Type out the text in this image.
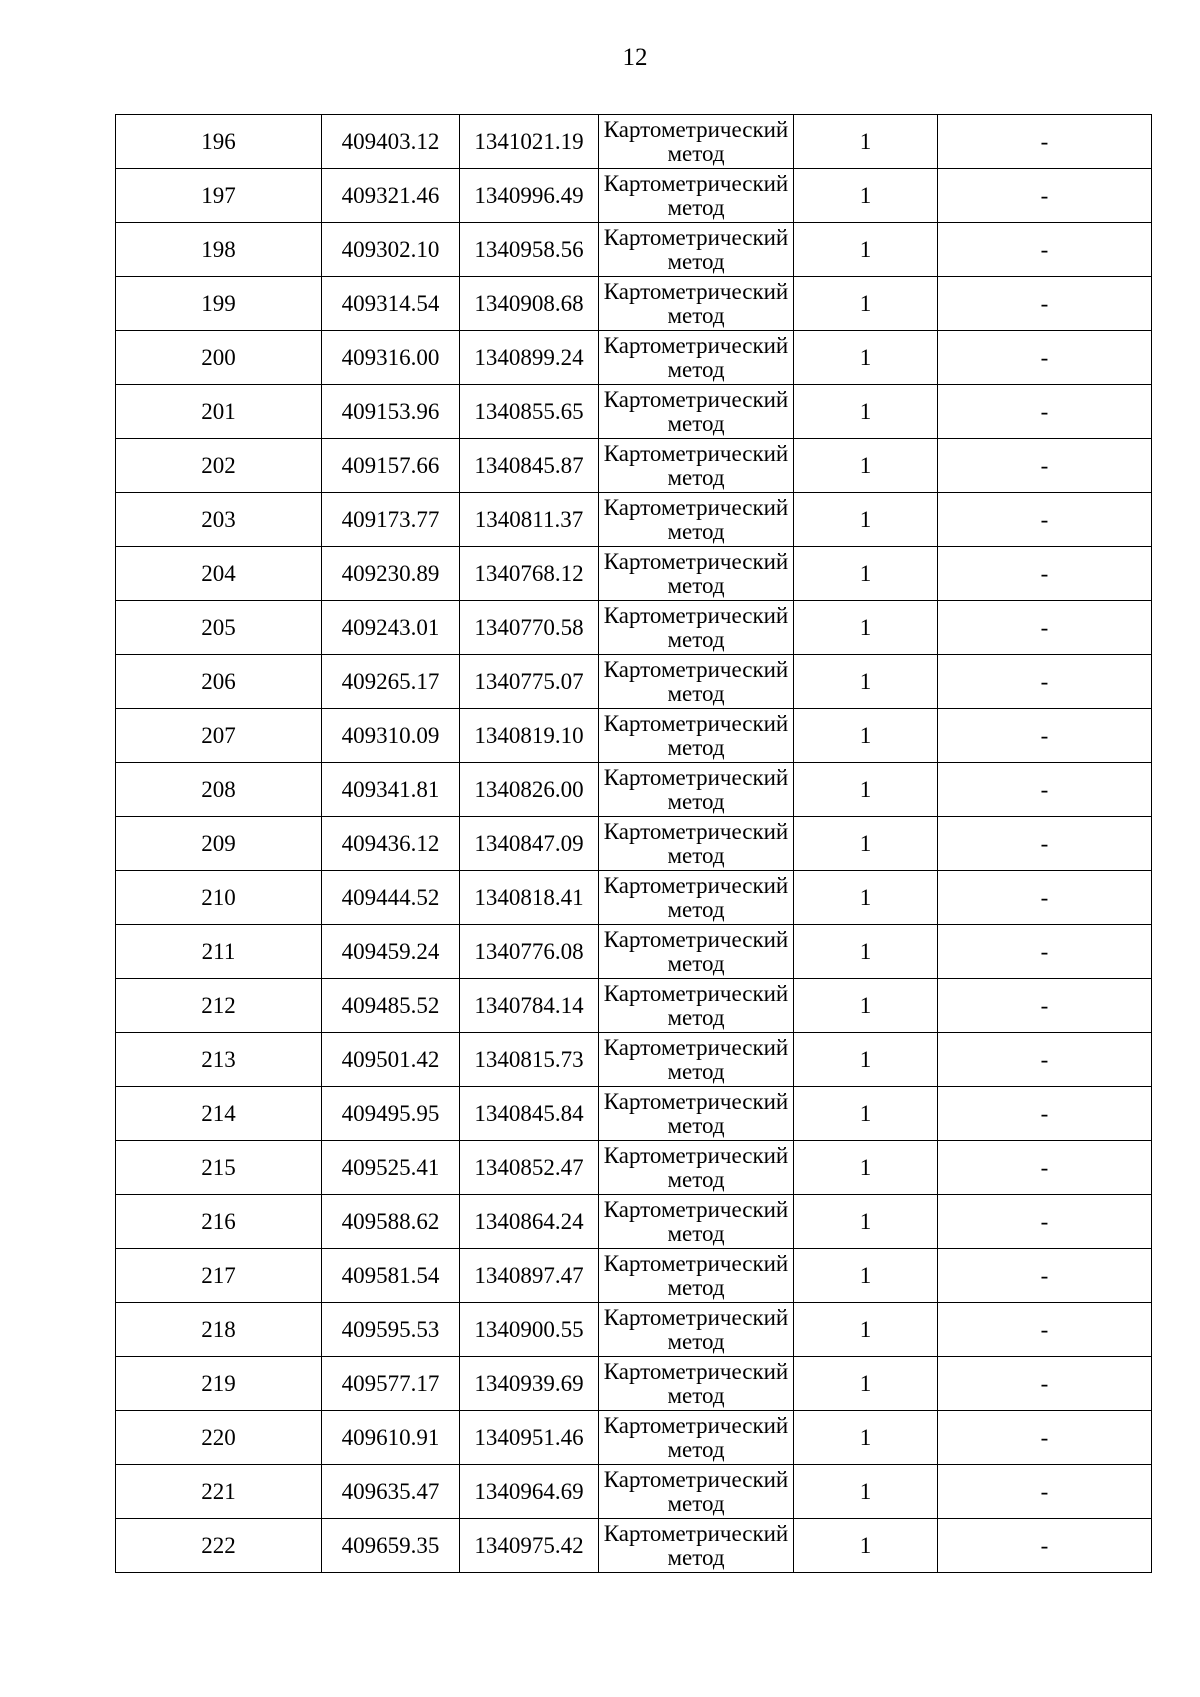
12
196	409403.12	1341021.19	Картометрический
метод	1	-
197	409321.46	1340996.49	Картометрический
метод	1	-
198	409302.10	1340958.56	Картометрический
метод	1	-
199	409314.54	1340908.68	Картометрический
метод	1	-
200	409316.00	1340899.24	Картометрический
метод	1	-
201	409153.96	1340855.65	Картометрический
метод	1	-
202	409157.66	1340845.87	Картометрический
метод	1	-
203	409173.77	1340811.37	Картометрический
метод	1	-
204	409230.89	1340768.12	Картометрический
метод	1	-
205	409243.01	1340770.58	Картометрический
метод	1	-
206	409265.17	1340775.07	Картометрический
метод	1	-
207	409310.09	1340819.10	Картометрический
метод	1	-
208	409341.81	1340826.00	Картометрический
метод	1	-
209	409436.12	1340847.09	Картометрический
метод	1	-
210	409444.52	1340818.41	Картометрический
метод	1	-
211	409459.24	1340776.08	Картометрический
метод	1	-
212	409485.52	1340784.14	Картометрический
метод	1	-
213	409501.42	1340815.73	Картометрический
метод	1	-
214	409495.95	1340845.84	Картометрический
метод	1	-
215	409525.41	1340852.47	Картометрический
метод	1	-
216	409588.62	1340864.24	Картометрический
метод	1	-
217	409581.54	1340897.47	Картометрический
метод	1	-
218	409595.53	1340900.55	Картометрический
метод	1	-
219	409577.17	1340939.69	Картометрический
метод	1	-
220	409610.91	1340951.46	Картометрический
метод	1	-
221	409635.47	1340964.69	Картометрический
метод	1	-
222	409659.35	1340975.42	Картометрический
метод	1	-
